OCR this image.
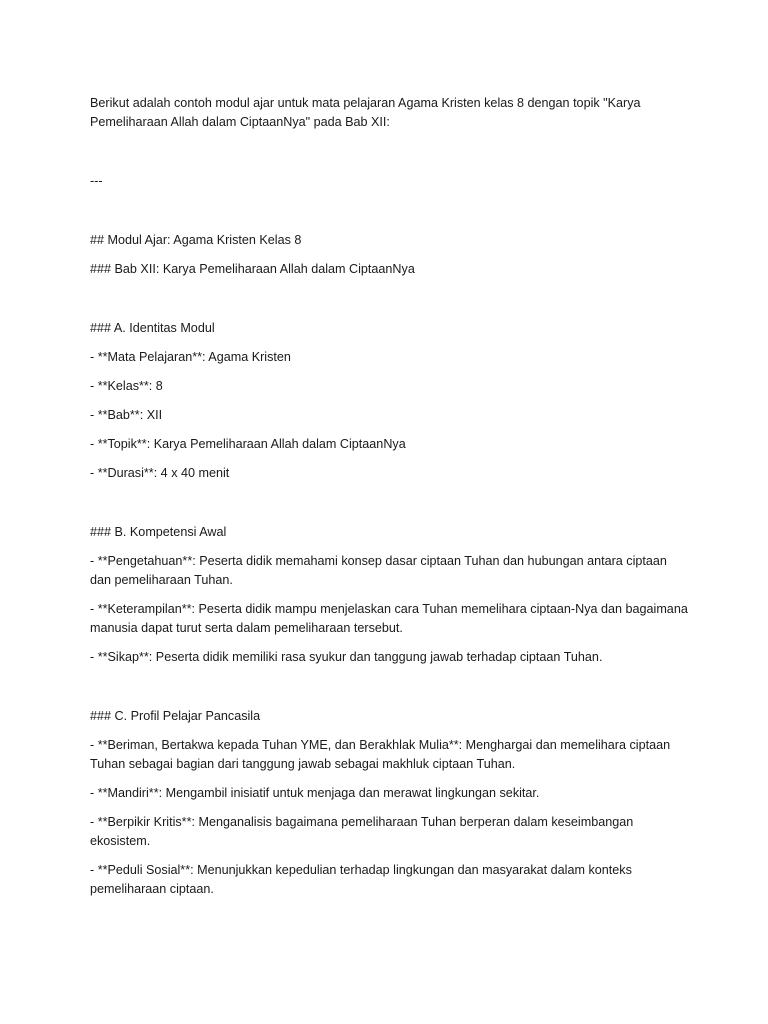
Berikut adalah contoh modul ajar untuk mata pelajaran Agama Kristen kelas 8 dengan topik "Karya Pemeliharaan Allah dalam CiptaanNya" pada Bab XII:

---

## Modul Ajar: Agama Kristen Kelas 8

### Bab XII: Karya Pemeliharaan Allah dalam CiptaanNya

### A. Identitas Modul

- **Mata Pelajaran**: Agama Kristen

- **Kelas**: 8

- **Bab**: XII

- **Topik**: Karya Pemeliharaan Allah dalam CiptaanNya

- **Durasi**: 4 x 40 menit

### B. Kompetensi Awal

- **Pengetahuan**: Peserta didik memahami konsep dasar ciptaan Tuhan dan hubungan antara ciptaan dan pemeliharaan Tuhan.

- **Keterampilan**: Peserta didik mampu menjelaskan cara Tuhan memelihara ciptaan-Nya dan bagaimana manusia dapat turut serta dalam pemeliharaan tersebut.

- **Sikap**: Peserta didik memiliki rasa syukur dan tanggung jawab terhadap ciptaan Tuhan.

### C. Profil Pelajar Pancasila

- **Beriman, Bertakwa kepada Tuhan YME, dan Berakhlak Mulia**: Menghargai dan memelihara ciptaan Tuhan sebagai bagian dari tanggung jawab sebagai makhluk ciptaan Tuhan.

- **Mandiri**: Mengambil inisiatif untuk menjaga dan merawat lingkungan sekitar.

- **Berpikir Kritis**: Menganalisis bagaimana pemeliharaan Tuhan berperan dalam keseimbangan ekosistem.

- **Peduli Sosial**: Menunjukkan kepedulian terhadap lingkungan dan masyarakat dalam konteks pemeliharaan ciptaan.
